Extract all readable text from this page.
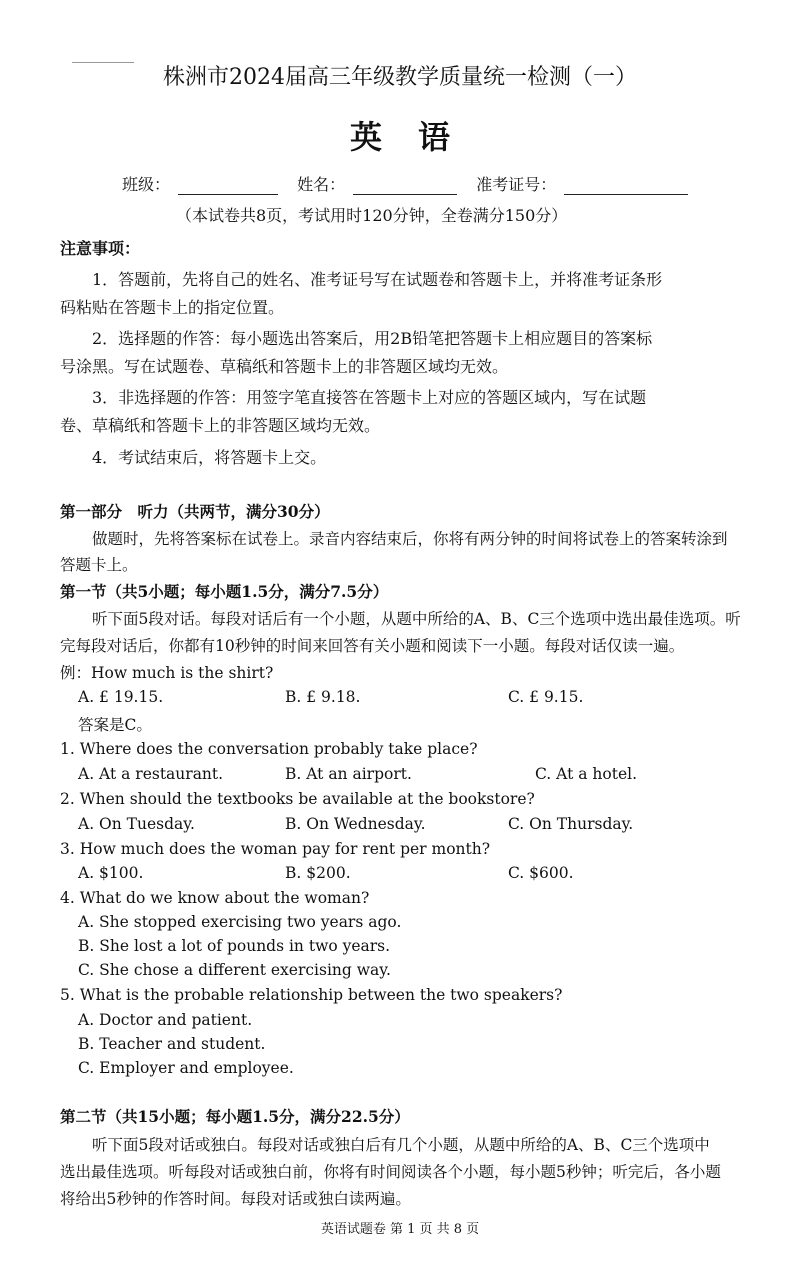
株洲市2024届高三年级教学质量统一检测（一）
英语
班级：	姓名：	准考证号：
（本试卷共8页，考试用时120分钟，全卷满分150分）
注意事项：
1．答题前，先将自己的姓名、准考证号写在试题卷和答题卡上，并将准考证条形
码粘贴在答题卡上的指定位置。
2．选择题的作答：每小题选出答案后，用2B铅笔把答题卡上相应题目的答案标
号涂黑。写在试题卷、草稿纸和答题卡上的非答题区域均无效。
3．非选择题的作答：用签字笔直接答在答题卡上对应的答题区域内，写在试题
卷、草稿纸和答题卡上的非答题区域均无效。
4．考试结束后，将答题卡上交。
第一部分　听力（共两节，满分30分）
做题时，先将答案标在试卷上。录音内容结束后，你将有两分钟的时间将试卷上的答案转涂到
答题卡上。
第一节（共5小题；每小题1.5分，满分7.5分）
听下面5段对话。每段对话后有一个小题，从题中所给的A、B、C三个选项中选出最佳选项。听
完每段对话后，你都有10秒钟的时间来回答有关小题和阅读下一小题。每段对话仅读一遍。
例：How much is the shirt?
A. £ 19.15.	B. £ 9.18.	C. £ 9.15.
答案是C。
1. Where does the conversation probably take place?
A. At a restaurant.	B. At an airport.	C. At a hotel.
2. When should the textbooks be available at the bookstore?
A. On Tuesday.	B. On Wednesday.	C. On Thursday.
3. How much does the woman pay for rent per month?
A. $100.	B. $200.	C. $600.
4. What do we know about the woman?
A. She stopped exercising two years ago.
B. She lost a lot of pounds in two years.
C. She chose a different exercising way.
5. What is the probable relationship between the two speakers?
A. Doctor and patient.
B. Teacher and student.
C. Employer and employee.
第二节（共15小题；每小题1.5分，满分22.5分）
听下面5段对话或独白。每段对话或独白后有几个小题，从题中所给的A、B、C三个选项中
选出最佳选项。听每段对话或独白前，你将有时间阅读各个小题，每小题5秒钟；听完后，各小题
将给出5秒钟的作答时间。每段对话或独白读两遍。
英语试题卷 第 1 页 共 8 页
